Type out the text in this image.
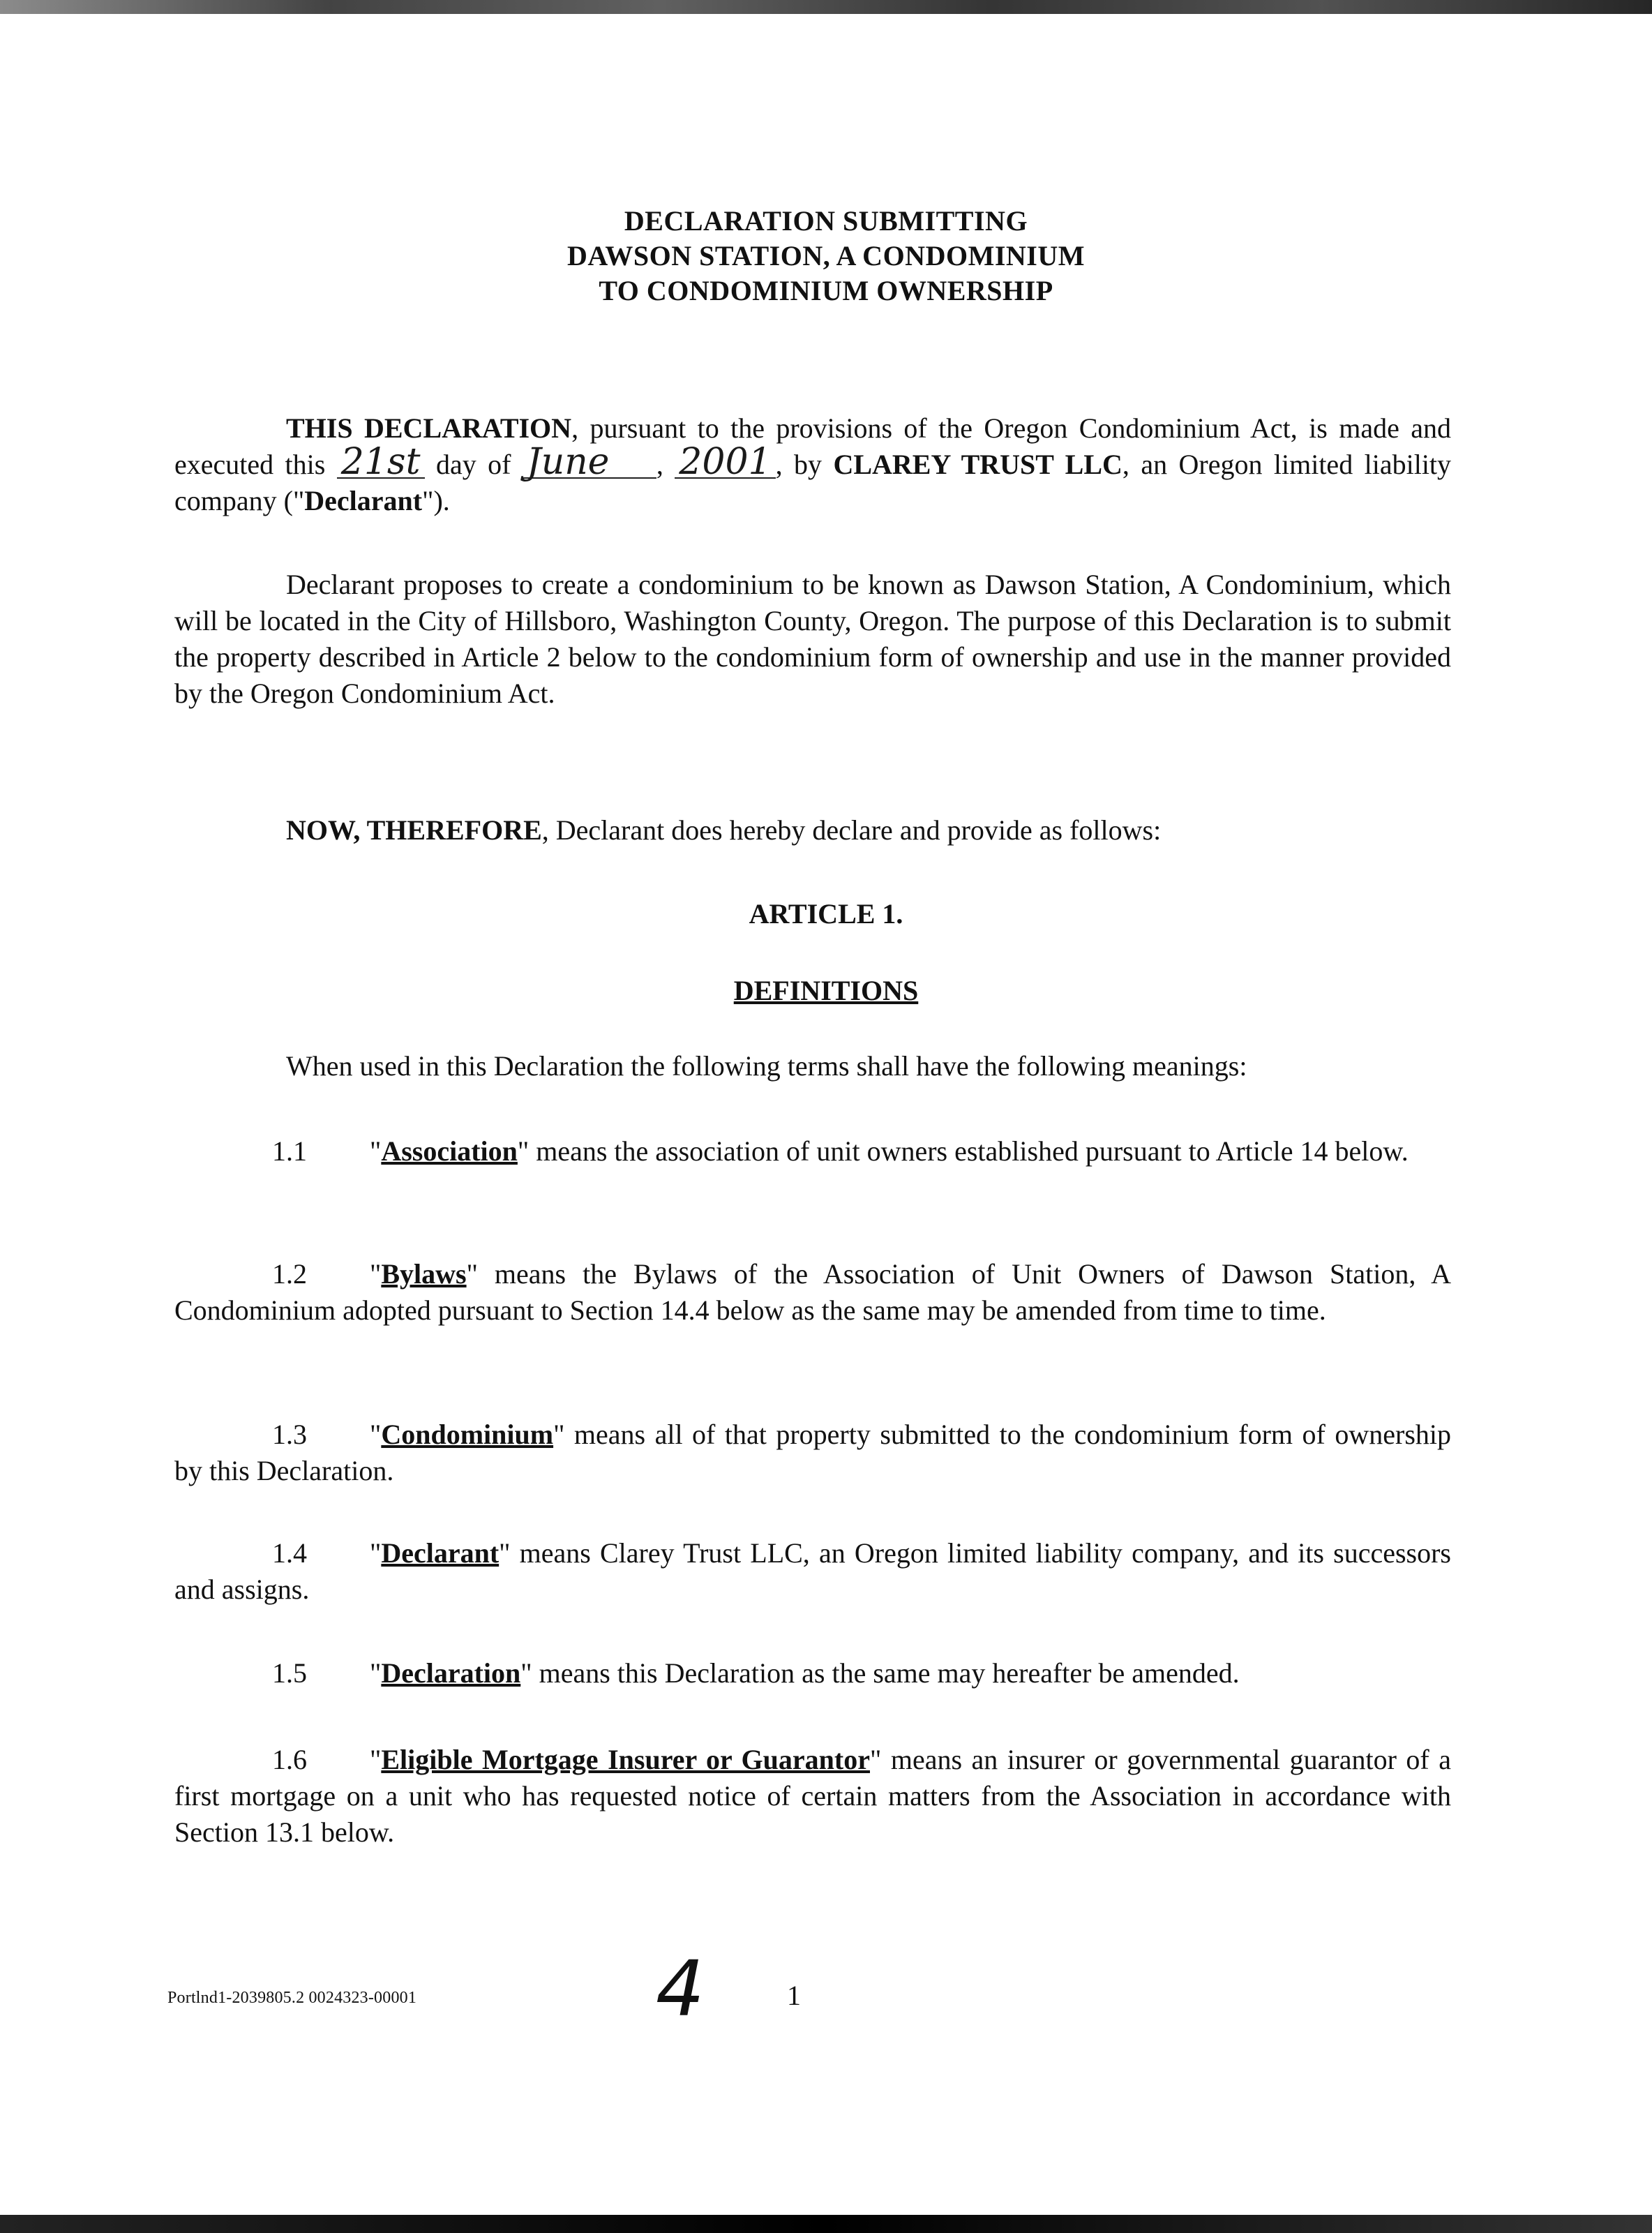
DECLARATION SUBMITTING
DAWSON STATION, A CONDOMINIUM
TO CONDOMINIUM OWNERSHIP
THIS DECLARATION, pursuant to the provisions of the Oregon Condominium Act, is made and executed this 21st day of June , 2001 , by CLAREY TRUST LLC, an Oregon limited liability company ("Declarant").
Declarant proposes to create a condominium to be known as Dawson Station, A Condominium, which will be located in the City of Hillsboro, Washington County, Oregon. The purpose of this Declaration is to submit the property described in Article 2 below to the condominium form of ownership and use in the manner provided by the Oregon Condominium Act.
NOW, THEREFORE, Declarant does hereby declare and provide as follows:
ARTICLE 1.
DEFINITIONS
When used in this Declaration the following terms shall have the following meanings:
1.1 "Association" means the association of unit owners established pursuant to Article 14 below.
1.2 "Bylaws" means the Bylaws of the Association of Unit Owners of Dawson Station, A Condominium adopted pursuant to Section 14.4 below as the same may be amended from time to time.
1.3 "Condominium" means all of that property submitted to the condominium form of ownership by this Declaration.
1.4 "Declarant" means Clarey Trust LLC, an Oregon limited liability company, and its successors and assigns.
1.5 "Declaration" means this Declaration as the same may hereafter be amended.
1.6 "Eligible Mortgage Insurer or Guarantor" means an insurer or governmental guarantor of a first mortgage on a unit who has requested notice of certain matters from the Association in accordance with Section 13.1 below.
Portlnd1-2039805.2 0024323-00001	4	1
